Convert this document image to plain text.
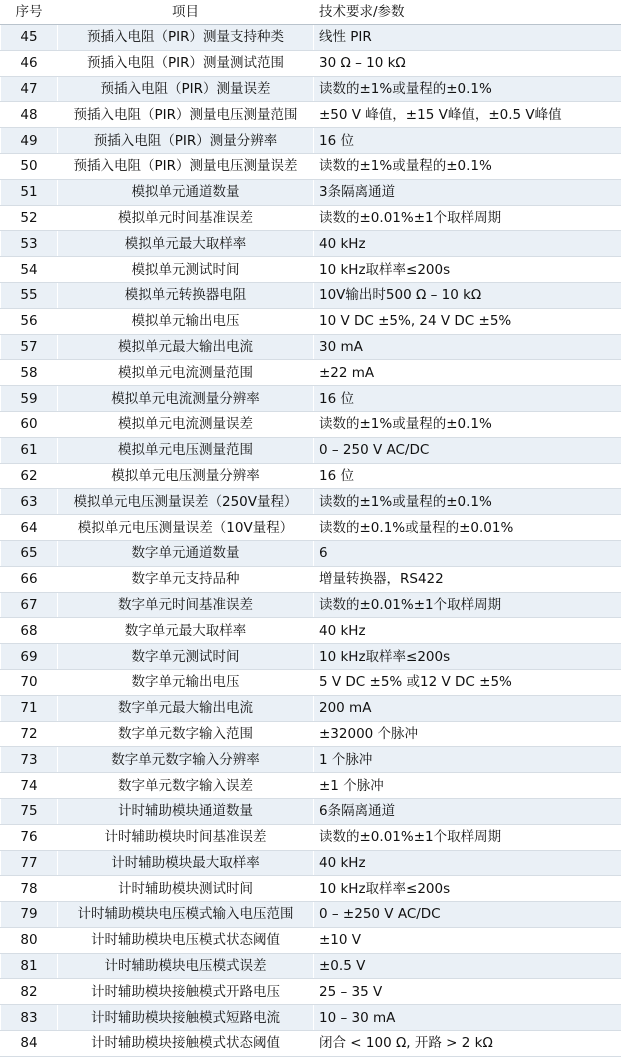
序号	项目	技术要求/参数
45	预插入电阻（PIR）测量支持种类	线性 PIR
46	预插入电阻（PIR）测量测试范围	30 Ω – 10 kΩ
47	预插入电阻（PIR）测量误差	读数的±1%或量程的±0.1%
48	预插入电阻（PIR）测量电压测量范围	±50 V 峰值，±15 V峰值，±0.5 V峰值
49	预插入电阻（PIR）测量分辨率	16 位
50	预插入电阻（PIR）测量电压测量误差	读数的±1%或量程的±0.1%
51	模拟单元通道数量	3条隔离通道
52	模拟单元时间基准误差	读数的±0.01%±1个取样周期
53	模拟单元最大取样率	40 kHz
54	模拟单元测试时间	10 kHz取样率≤200s
55	模拟单元转换器电阻	10V输出时500 Ω – 10 kΩ
56	模拟单元输出电压	10 V DC ±5%, 24 V DC ±5%
57	模拟单元最大输出电流	30 mA
58	模拟单元电流测量范围	±22 mA
59	模拟单元电流测量分辨率	16 位
60	模拟单元电流测量误差	读数的±1%或量程的±0.1%
61	模拟单元电压测量范围	0 – 250 V AC/DC
62	模拟单元电压测量分辨率	16 位
63	模拟单元电压测量误差（250V量程）	读数的±1%或量程的±0.1%
64	模拟单元电压测量误差（10V量程）	读数的±0.1%或量程的±0.01%
65	数字单元通道数量	6
66	数字单元支持品种	增量转换器，RS422
67	数字单元时间基准误差	读数的±0.01%±1个取样周期
68	数字单元最大取样率	40 kHz
69	数字单元测试时间	10 kHz取样率≤200s
70	数字单元输出电压	5 V DC ±5% 或12 V DC ±5%
71	数字单元最大输出电流	200 mA
72	数字单元数字输入范围	±32000 个脉冲
73	数字单元数字输入分辨率	1 个脉冲
74	数字单元数字输入误差	±1 个脉冲
75	计时辅助模块通道数量	6条隔离通道
76	计时辅助模块时间基准误差	读数的±0.01%±1个取样周期
77	计时辅助模块最大取样率	40 kHz
78	计时辅助模块测试时间	10 kHz取样率≤200s
79	计时辅助模块电压模式输入电压范围	0 – ±250 V AC/DC
80	计时辅助模块电压模式状态阈值	±10 V
81	计时辅助模块电压模式误差	±0.5 V
82	计时辅助模块接触模式开路电压	25 – 35 V
83	计时辅助模块接触模式短路电流	10 – 30 mA
84	计时辅助模块接触模式状态阈值	闭合 < 100 Ω, 开路 > 2 kΩ
